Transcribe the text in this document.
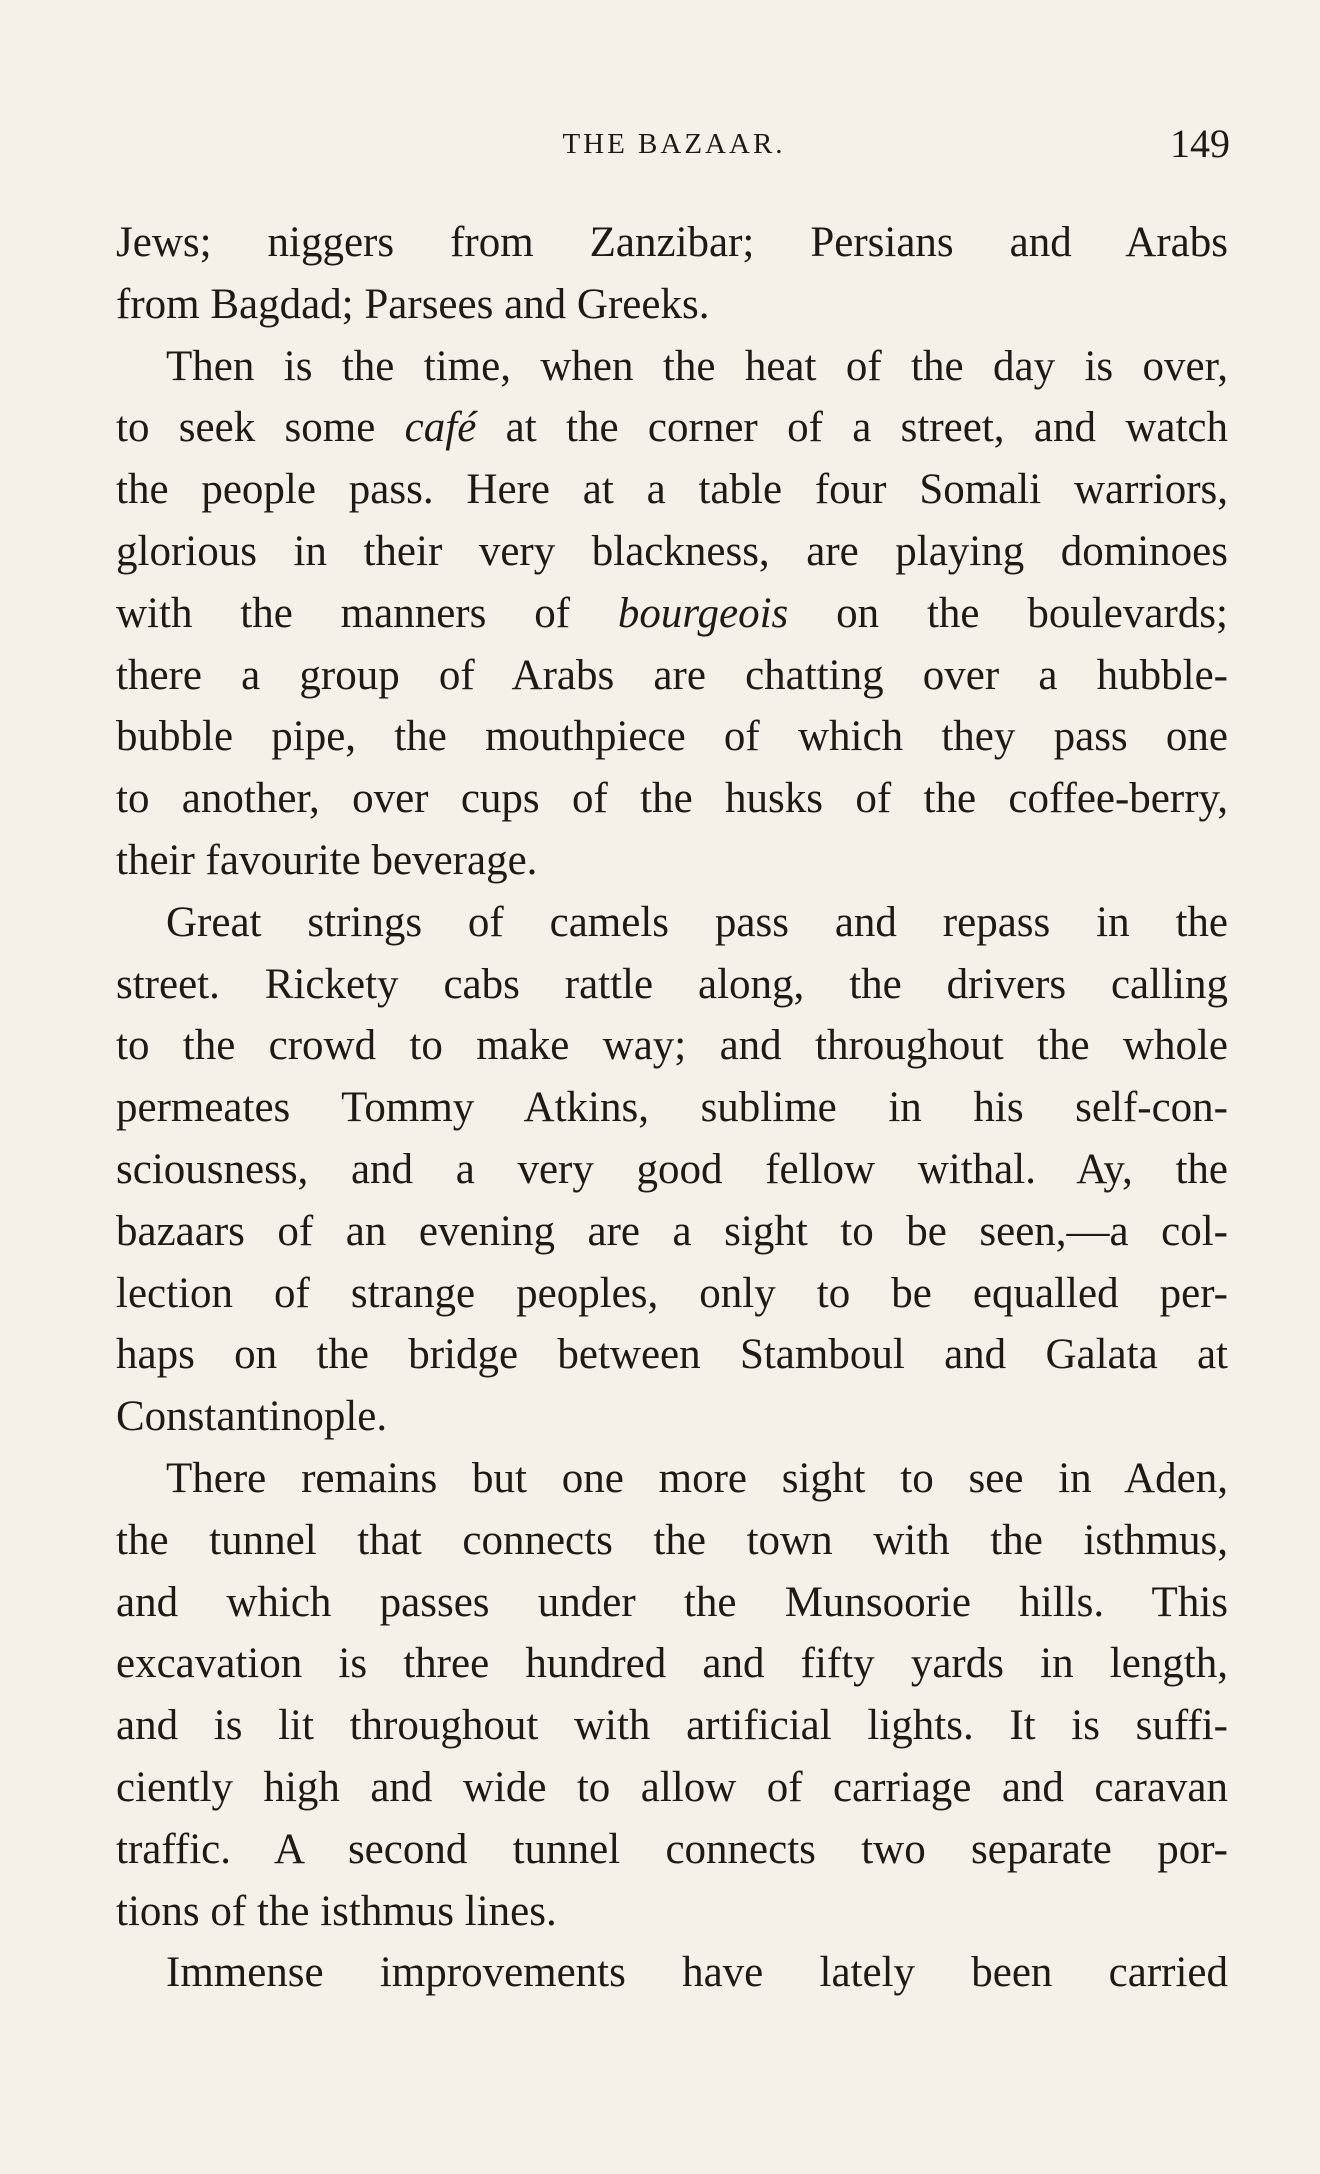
THE BAZAAR.	149
Jews; niggers from Zanzibar; Persians and Arabs
from Bagdad; Parsees and Greeks.
Then is the time, when the heat of the day is over,
to seek some café at the corner of a street, and watch
the people pass. Here at a table four Somali warriors,
glorious in their very blackness, are playing dominoes
with the manners of bourgeois on the boulevards;
there a group of Arabs are chatting over a hubble-
bubble pipe, the mouthpiece of which they pass one
to another, over cups of the husks of the coffee-berry,
their favourite beverage.
Great strings of camels pass and repass in the
street. Rickety cabs rattle along, the drivers calling
to the crowd to make way; and throughout the whole
permeates Tommy Atkins, sublime in his self-con-
sciousness, and a very good fellow withal. Ay, the
bazaars of an evening are a sight to be seen,—a col-
lection of strange peoples, only to be equalled per-
haps on the bridge between Stamboul and Galata at
Constantinople.
There remains but one more sight to see in Aden,
the tunnel that connects the town with the isthmus,
and which passes under the Munsoorie hills. This
excavation is three hundred and fifty yards in length,
and is lit throughout with artificial lights. It is suffi-
ciently high and wide to allow of carriage and caravan
traffic. A second tunnel connects two separate por-
tions of the isthmus lines.
Immense improvements have lately been carried
